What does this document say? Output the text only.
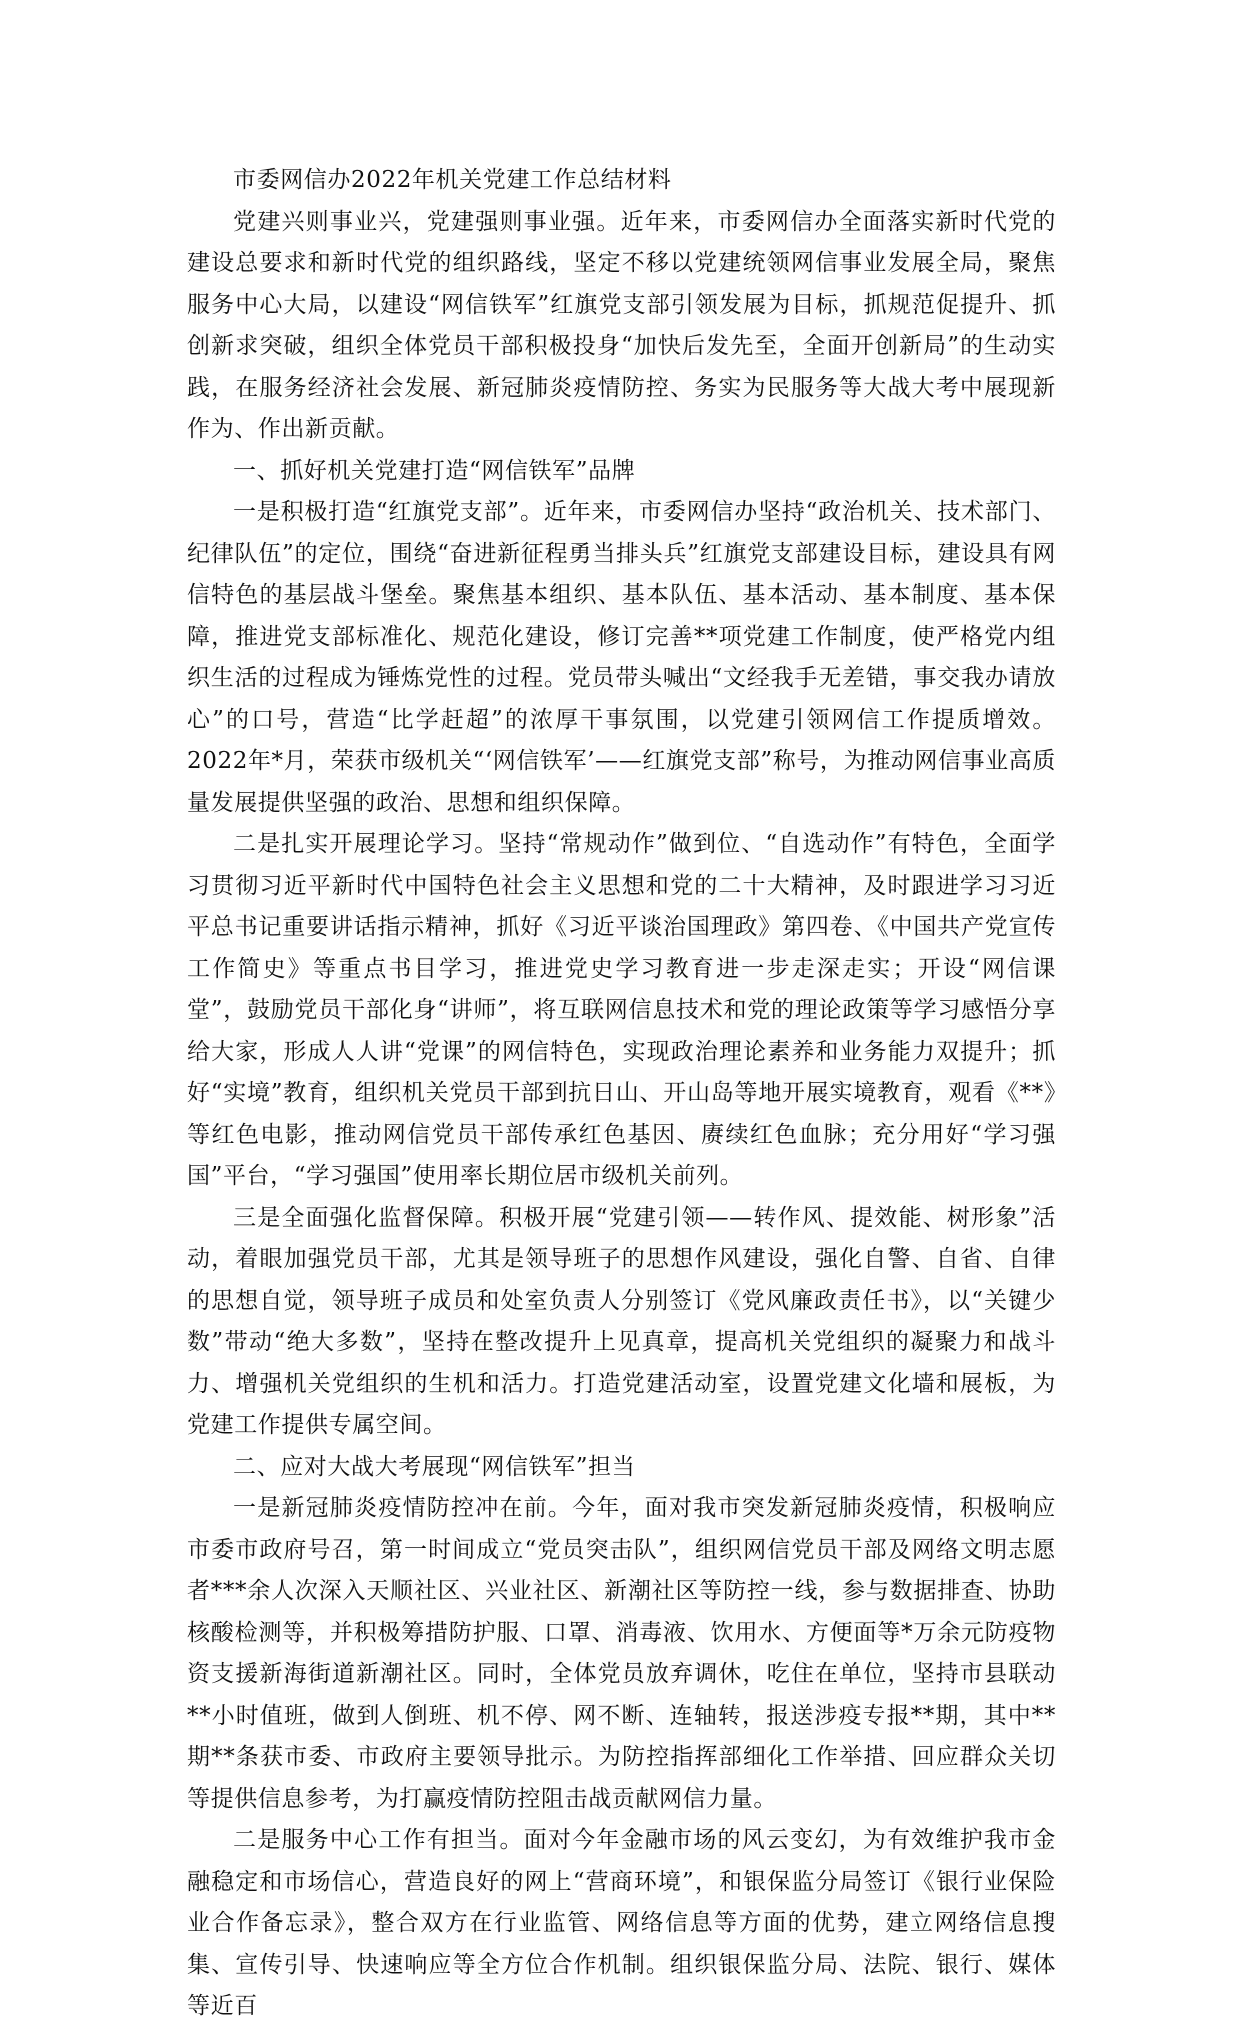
市委网信办2022年机关党建工作总结材料

党建兴则事业兴，党建强则事业强。近年来，市委网信办全面落实新时代党的建设总要求和新时代党的组织路线，坚定不移以党建统领网信事业发展全局，聚焦服务中心大局，以建设“网信铁军”红旗党支部引领发展为目标，抓规范促提升、抓创新求突破，组织全体党员干部积极投身“加快后发先至，全面开创新局”的生动实践，在服务经济社会发展、新冠肺炎疫情防控、务实为民服务等大战大考中展现新作为、作出新贡献。

一、抓好机关党建打造“网信铁军”品牌

一是积极打造“红旗党支部”。近年来，市委网信办坚持“政治机关、技术部门、纪律队伍”的定位，围绕“奋进新征程勇当排头兵”红旗党支部建设目标，建设具有网信特色的基层战斗堡垒。聚焦基本组织、基本队伍、基本活动、基本制度、基本保障，推进党支部标准化、规范化建设，修订完善**项党建工作制度，使严格党内组织生活的过程成为锤炼党性的过程。党员带头喊出“文经我手无差错，事交我办请放心”的口号，营造“比学赶超”的浓厚干事氛围，以党建引领网信工作提质增效。2022年*月，荣获市级机关“‘网信铁军’——红旗党支部”称号，为推动网信事业高质量发展提供坚强的政治、思想和组织保障。

二是扎实开展理论学习。坚持“常规动作”做到位、“自选动作”有特色，全面学习贯彻习近平新时代中国特色社会主义思想和党的二十大精神，及时跟进学习习近平总书记重要讲话指示精神，抓好《习近平谈治国理政》第四卷、《中国共产党宣传工作简史》等重点书目学习，推进党史学习教育进一步走深走实；开设“网信课堂”，鼓励党员干部化身“讲师”，将互联网信息技术和党的理论政策等学习感悟分享给大家，形成人人讲“党课”的网信特色，实现政治理论素养和业务能力双提升；抓好“实境”教育，组织机关党员干部到抗日山、开山岛等地开展实境教育，观看《**》等红色电影，推动网信党员干部传承红色基因、赓续红色血脉；充分用好“学习强国”平台，“学习强国”使用率长期位居市级机关前列。

三是全面强化监督保障。积极开展“党建引领——转作风、提效能、树形象”活动，着眼加强党员干部，尤其是领导班子的思想作风建设，强化自警、自省、自律的思想自觉，领导班子成员和处室负责人分别签订《党风廉政责任书》，以“关键少数”带动“绝大多数”，坚持在整改提升上见真章，提高机关党组织的凝聚力和战斗力、增强机关党组织的生机和活力。打造党建活动室，设置党建文化墙和展板，为党建工作提供专属空间。

二、应对大战大考展现“网信铁军”担当

一是新冠肺炎疫情防控冲在前。今年，面对我市突发新冠肺炎疫情，积极响应市委市政府号召，第一时间成立“党员突击队”，组织网信党员干部及网络文明志愿者***余人次深入天顺社区、兴业社区、新潮社区等防控一线，参与数据排查、协助核酸检测等，并积极筹措防护服、口罩、消毒液、饮用水、方便面等*万余元防疫物资支援新海街道新潮社区。同时，全体党员放弃调休，吃住在单位，坚持市县联动**小时值班，做到人倒班、机不停、网不断、连轴转，报送涉疫专报**期，其中**期**条获市委、市政府主要领导批示。为防控指挥部细化工作举措、回应群众关切等提供信息参考，为打赢疫情防控阻击战贡献网信力量。

二是服务中心工作有担当。面对今年金融市场的风云变幻，为有效维护我市金融稳定和市场信心，营造良好的网上“营商环境”，和银保监分局签订《银行业保险业合作备忘录》，整合双方在行业监管、网络信息等方面的优势，建立网络信息搜集、宣传引导、快速响应等全方位合作机制。组织银保监分局、法院、银行、媒体等近百
